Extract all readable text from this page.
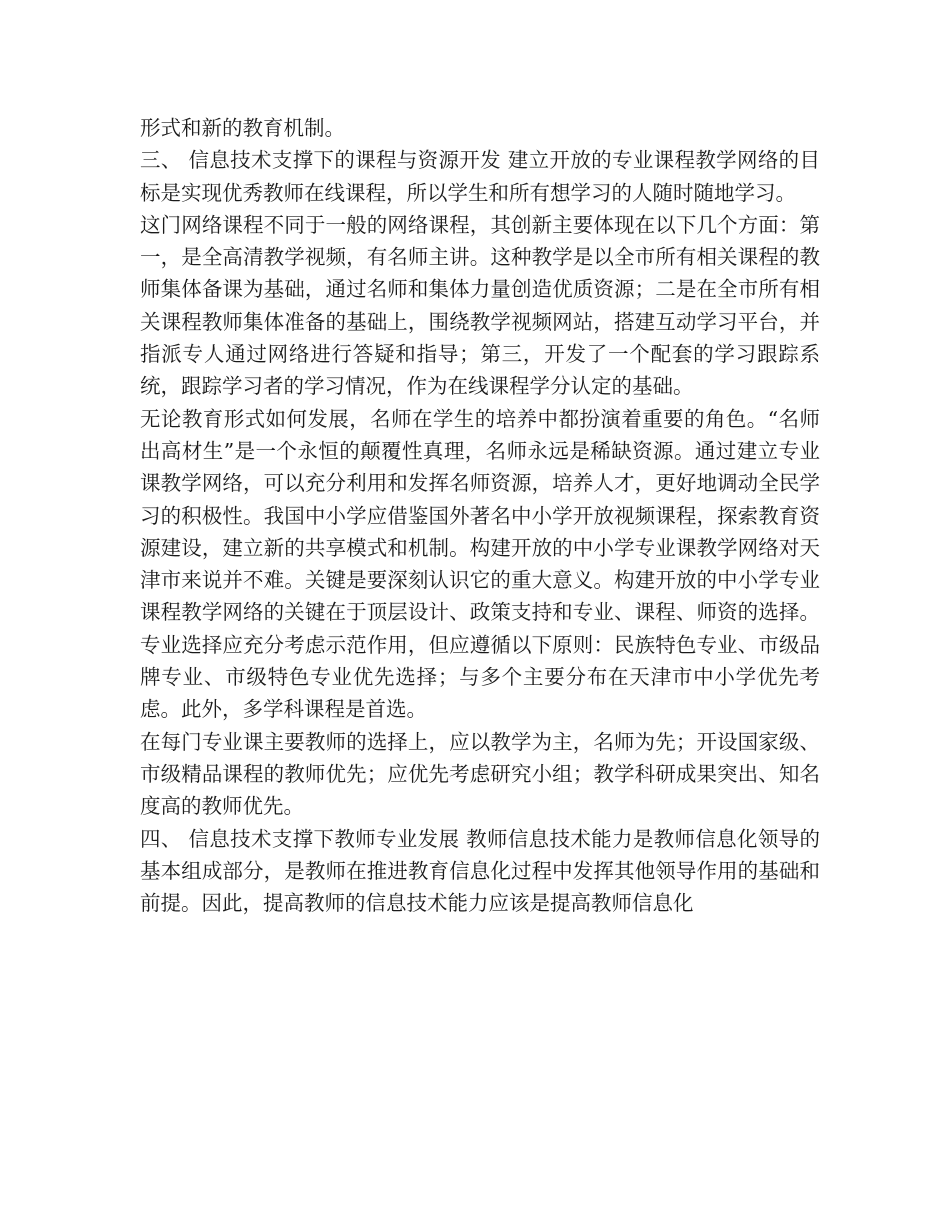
形式和新的教育机制。

三、 信息技术支撑下的课程与资源开发 建立开放的专业课程教学网络的目标是实现优秀教师在线课程，所以学生和所有想学习的人随时随地学习。

这门网络课程不同于一般的网络课程，其创新主要体现在以下几个方面：第一，是全高清教学视频，有名师主讲。这种教学是以全市所有相关课程的教师集体备课为基础，通过名师和集体力量创造优质资源；二是在全市所有相关课程教师集体准备的基础上，围绕教学视频网站，搭建互动学习平台，并指派专人通过网络进行答疑和指导；第三，开发了一个配套的学习跟踪系统，跟踪学习者的学习情况，作为在线课程学分认定的基础。

无论教育形式如何发展，名师在学生的培养中都扮演着重要的角色。“名师出高材生”是一个永恒的颠覆性真理，名师永远是稀缺资源。通过建立专业课教学网络，可以充分利用和发挥名师资源，培养人才，更好地调动全民学习的积极性。我国中小学应借鉴国外著名中小学开放视频课程，探索教育资源建设，建立新的共享模式和机制。构建开放的中小学专业课教学网络对天津市来说并不难。关键是要深刻认识它的重大意义。构建开放的中小学专业课程教学网络的关键在于顶层设计、政策支持和专业、课程、师资的选择。专业选择应充分考虑示范作用，但应遵循以下原则：民族特色专业、市级品牌专业、市级特色专业优先选择；与多个主要分布在天津市中小学优先考虑。此外，多学科课程是首选。

在每门专业课主要教师的选择上，应以教学为主，名师为先；开设国家级、市级精品课程的教师优先；应优先考虑研究小组；教学科研成果突出、知名度高的教师优先。

四、 信息技术支撑下教师专业发展 教师信息技术能力是教师信息化领导的基本组成部分，是教师在推进教育信息化过程中发挥其他领导作用的基础和前提。因此，提高教师的信息技术能力应该是提高教师信息化
